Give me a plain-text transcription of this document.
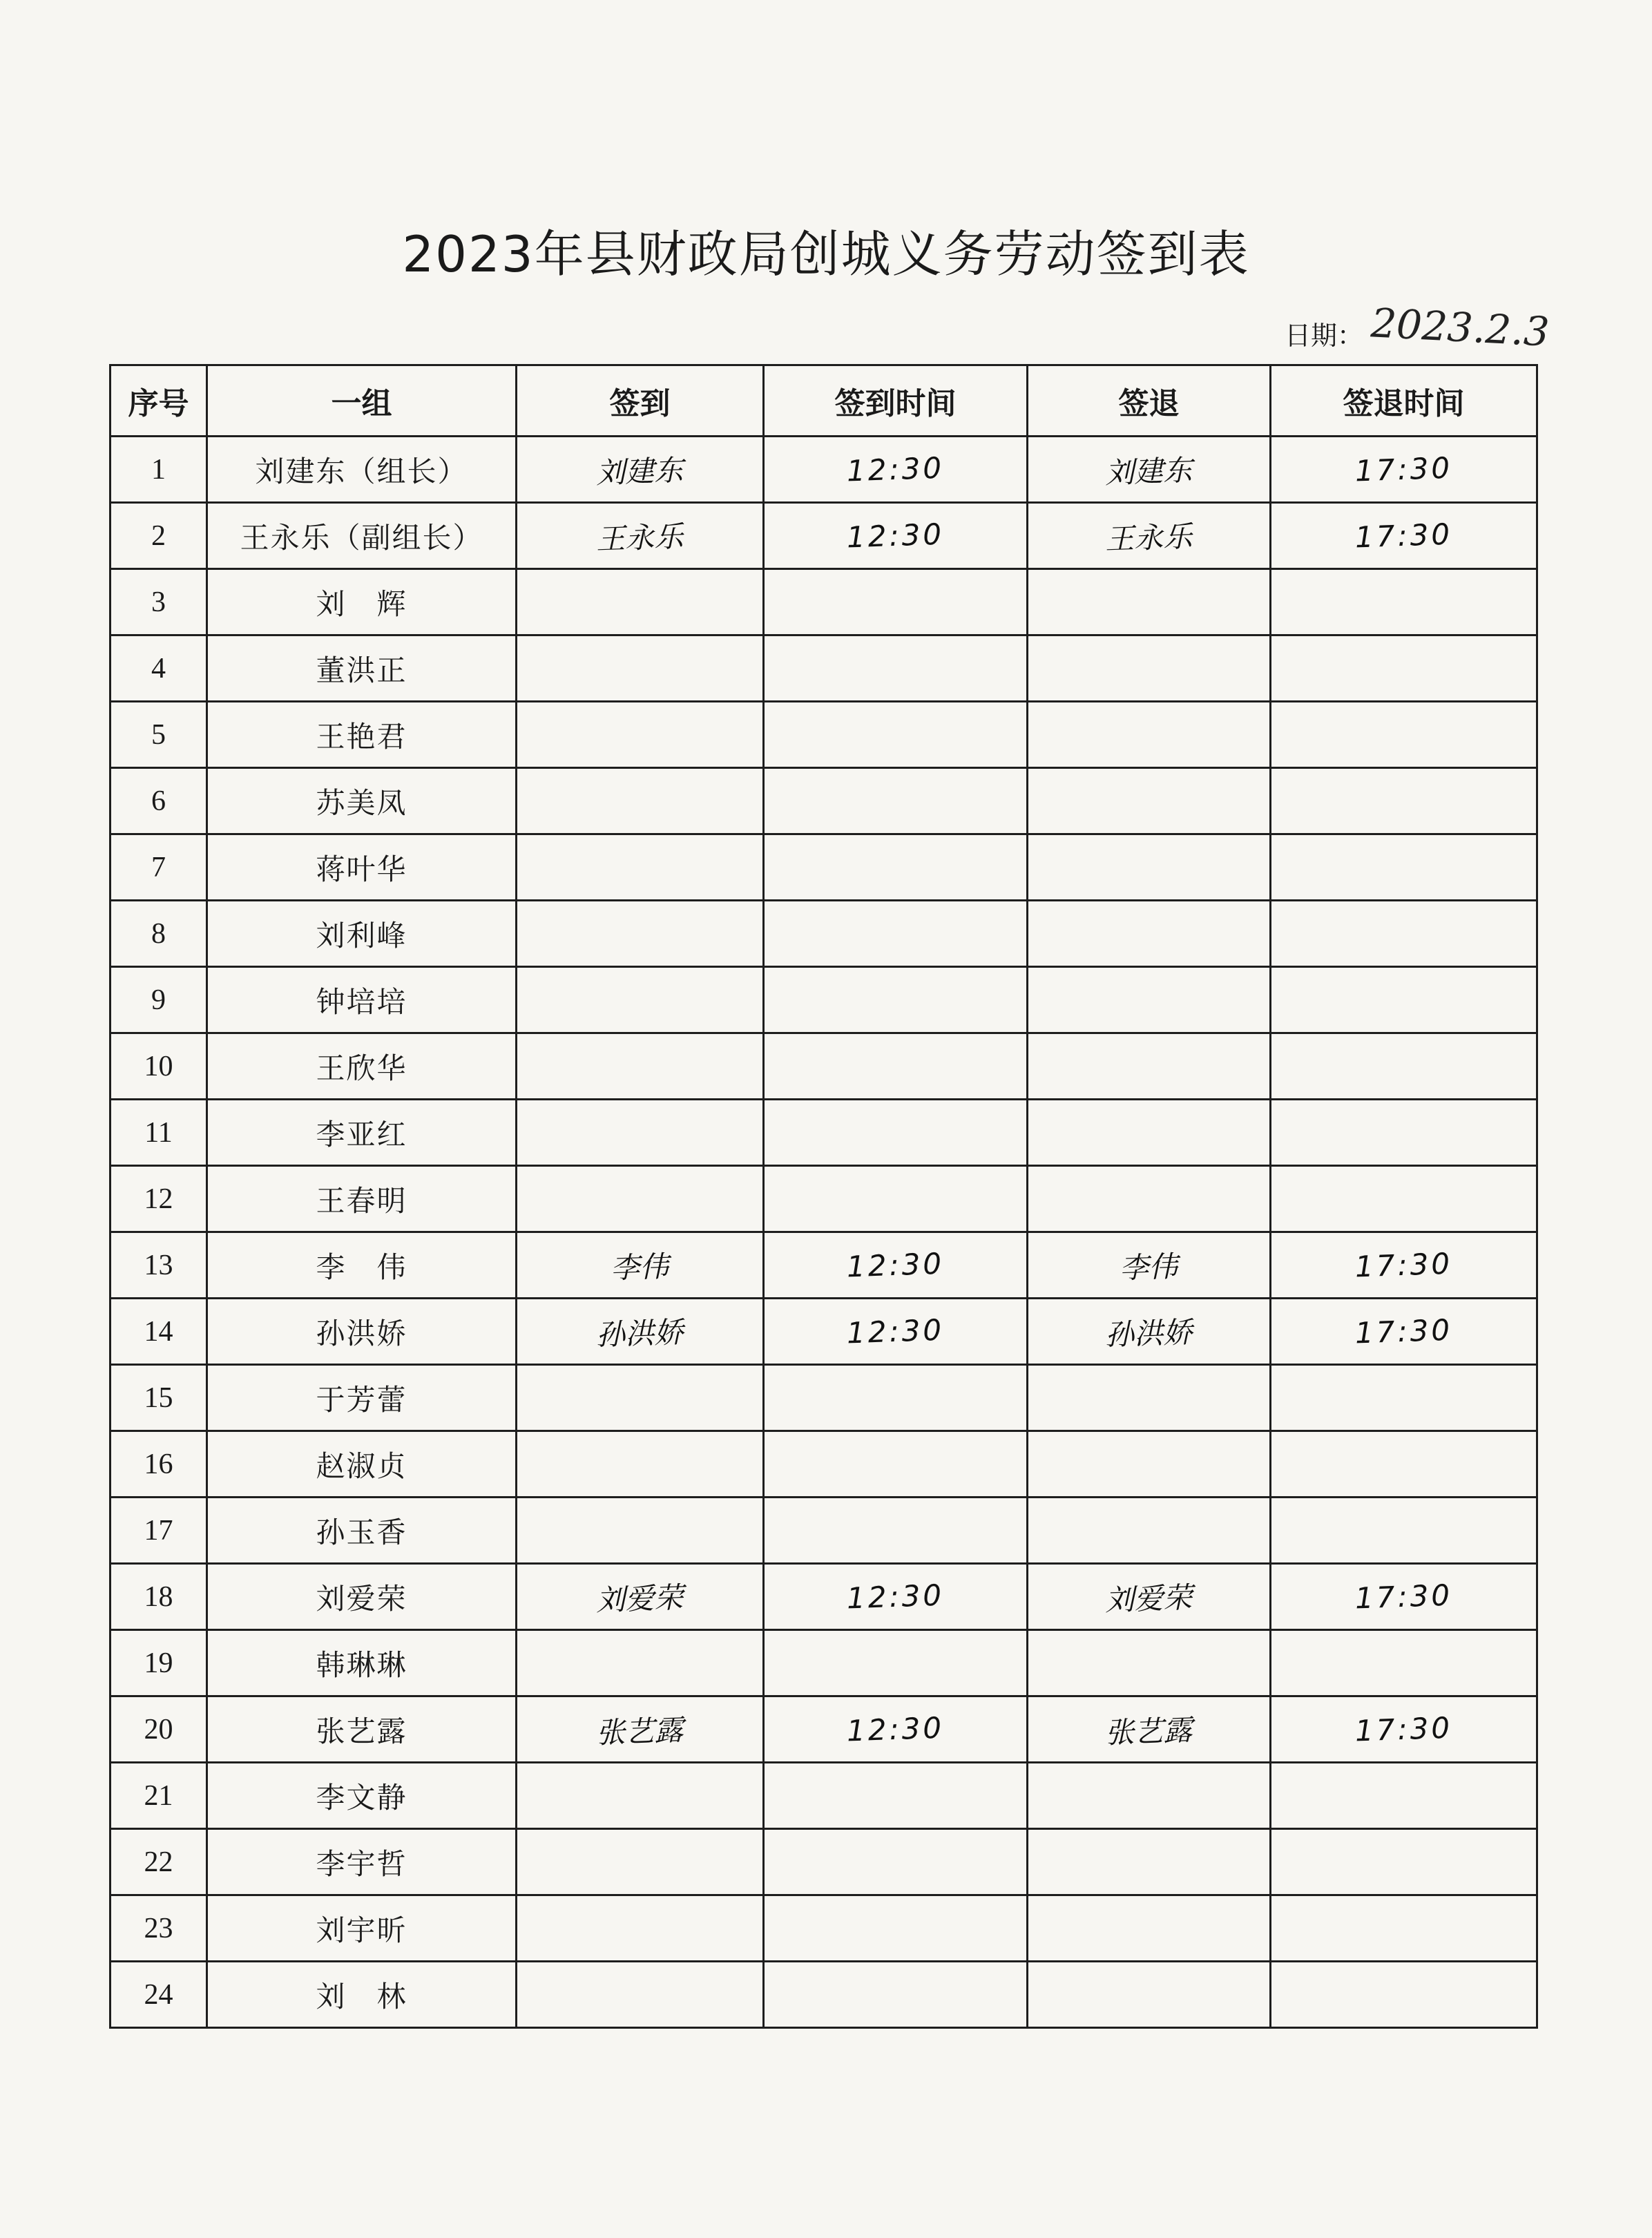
2023年县财政局创城义务劳动签到表
日期： 2023.2.3
序号	一组	签到	签到时间	签退	签退时间
1	刘建东（组长）	刘建东	12:30	刘建东	17:30
2	王永乐（副组长）	王永乐	12:30	王永乐	17:30
3	刘　辉				
4	董洪正				
5	王艳君				
6	苏美凤				
7	蒋叶华				
8	刘利峰				
9	钟培培				
10	王欣华				
11	李亚红				
12	王春明				
13	李　伟	李伟	12:30	李伟	17:30
14	孙洪娇	孙洪娇	12:30	孙洪娇	17:30
15	于芳蕾				
16	赵淑贞				
17	孙玉香				
18	刘爱荣	刘爱荣	12:30	刘爱荣	17:30
19	韩琳琳				
20	张艺露	张艺露	12:30	张艺露	17:30
21	李文静				
22	李宇哲				
23	刘宇昕				
24	刘　林				
